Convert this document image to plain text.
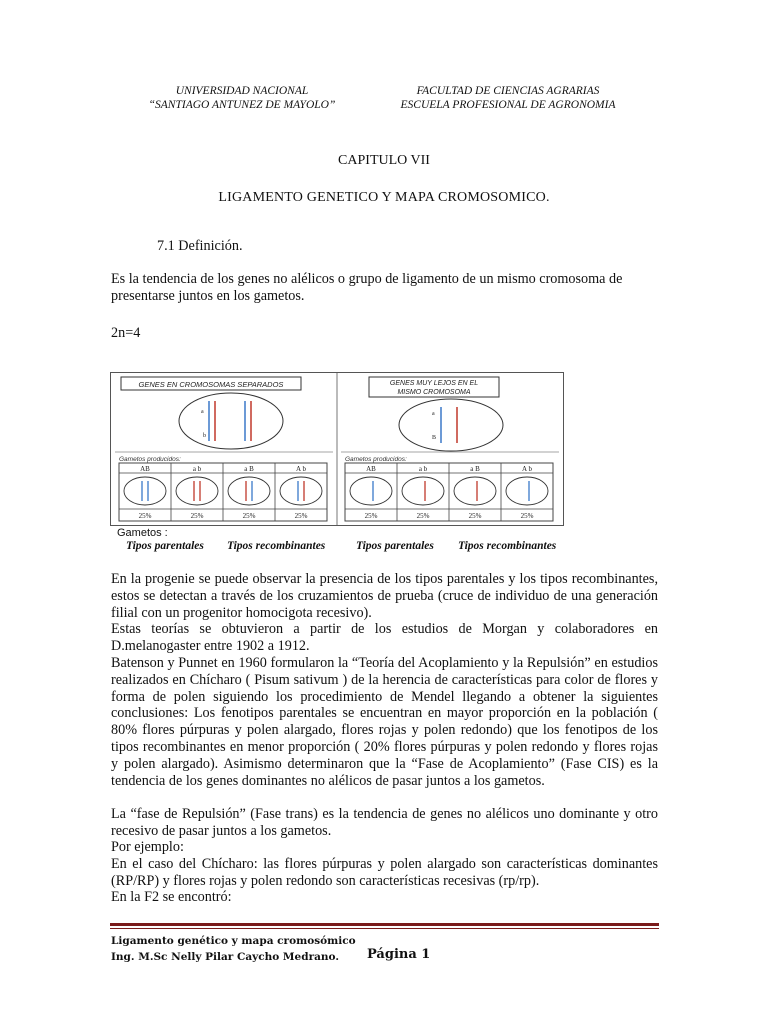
UNIVERSIDAD NACIONAL
“SANTIAGO ANTUNEZ DE MAYOLO”
FACULTAD DE CIENCIAS AGRARIAS
ESCUELA PROFESIONAL DE AGRONOMIA
CAPITULO VII
LIGAMENTO GENETICO Y MAPA CROMOSOMICO.
7.1 Definición.
Es la tendencia de los genes no alélicos o grupo de ligamento de un mismo cromosoma de presentarse juntos en los gametos.
2n=4
GENES EN CROMOSOMAS SEPARADOS
a
b
Gametos producidos:
AB	a b	a B	A b
25%	25%	25%	25%
GENES MUY LEJOS EN EL
MISMO CROMOSOMA
a
B
Gametos producidos:
AB	a b	a B	A b
25%	25%	25%	25%
Gametos :
Tipos parentales Tipos recombinantes	Tipos parentales Tipos recombinantes
En la progenie se puede observar la presencia de los tipos parentales y los tipos recombinantes, estos se detectan a través de los cruzamientos de prueba (cruce de individuo de una generación filial con un progenitor homocigota recesivo).
Estas teorías se obtuvieron a partir de los estudios de Morgan y colaboradores en D.melanogaster entre 1902 a 1912.
Batenson y Punnet en 1960 formularon la “Teoría del Acoplamiento y la Repulsión” en estudios realizados en Chícharo ( Pisum sativum ) de la herencia de características para color de flores y forma de polen siguiendo los procedimiento de Mendel llegando a obtener la siguientes conclusiones: Los fenotipos parentales se encuentran en mayor proporción en la población ( 80% flores púrpuras y polen alargado, flores rojas y polen redondo) que los fenotipos de los tipos recombinantes en menor proporción ( 20% flores púrpuras y polen redondo y flores rojas y polen alargado). Asimismo determinaron que la “Fase de Acoplamiento” (Fase CIS) es la tendencia de los genes dominantes no alélicos de pasar juntos a los gametos.
La “fase de Repulsión” (Fase trans) es la tendencia de genes no alélicos uno dominante y otro recesivo de pasar juntos a los gametos.
Por ejemplo:
En el caso del Chícharo: las flores púrpuras y polen alargado son características dominantes (RP/RP) y flores rojas y polen redondo son características recesivas (rp/rp).
En la F2 se encontró:
Ligamento genético y mapa cromosómico
Ing. M.Sc Nelly Pilar Caycho Medrano. Página 1
